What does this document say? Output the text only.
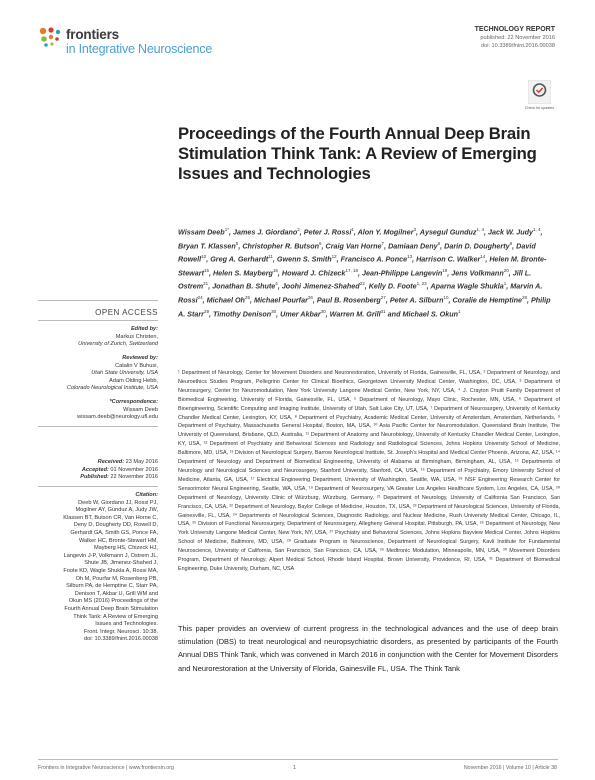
frontiers
in Integrative Neuroscience
TECHNOLOGY REPORT
published: 22 November 2016
doi: 10.3389/fnint.2016.00038
Check for updates
Proceedings of the Fourth Annual Deep Brain Stimulation Think Tank: A Review of Emerging Issues and Technologies
Wissam Deeb$^{1*}$, James J. Giordano$^2$, Peter J. Rossi$^1$, Alon Y. Mogilner$^3$, Aysegul Gunduz$^{1, 4}$, Jack W. Judy$^{1, 4}$, Bryan T. Klassen$^5$, Christopher R. Butson$^6$, Craig Van Horne$^7$, Damiaan Deny$^8$, Darin D. Dougherty$^9$, David Rowell$^{10}$, Greg A. Gerhardt$^{11}$, Gwenn S. Smith$^{12}$, Francisco A. Ponce$^{13}$, Harrison C. Walker$^{14}$, Helen M. Bronte-Stewart$^{15}$, Helen S. Mayberg$^{16}$, Howard J. Chizeck$^{17, 18}$, Jean-Philippe Langevin$^{19}$, Jens Volkmann$^{20}$, Jill L. Ostrem$^{21}$, Jonathan B. Shute$^4$, Joohi Jimenez-Shahed$^{22}$, Kelly D. Foote$^{1, 23}$, Aparna Wagle Shukla$^1$, Marvin A. Rossi$^{24}$, Michael Oh$^{25}$, Michael Pourfar$^{26}$, Paul B. Rosenberg$^{27}$, Peter A. Silburn$^{10}$, Coralie de Hemptine$^{28}$, Philip A. Starr$^{29}$, Timothy Denison$^{30}$, Umer Akbar$^{30}$, Warren M. Grill$^{31}$ and Michael S. Okun$^1$
¹ Department of Neurology, Center for Movement Disorders and Neurorestoration, University of Florida, Gainesville, FL, USA, ² Department of Neurology, and Neuroethics Studies Program, Pellegrino Center for Clinical Bioethics, Georgetown University Medical Center, Washington, DC, USA, ³ Department of Neurosurgery, Center for Neuromodulation, New York University Langone Medical Center, New York, NY, USA, ⁴ J. Crayton Pruitt Family Department of Biomedical Engineering, University of Florida, Gainesville, FL, USA, ⁵ Department of Neurology, Mayo Clinic, Rochester, MN, USA, ⁶ Department of Bioengineering, Scientific Computing and Imaging Institute, University of Utah, Salt Lake City, UT, USA, ⁷ Department of Neurosurgery, University of Kentucky Chandler Medical Center, Lexington, KY, USA, ⁸ Department of Psychiatry, Academic Medical Center, University of Amsterdam, Amsterdam, Netherlands, ⁹ Department of Psychiatry, Massachusetts General Hospital, Boston, MA, USA, ¹⁰ Asia Pacific Center for Neuromodulation, Queensland Brain Institute, The University of Queensland, Brisbane, QLD, Australia, ¹¹ Department of Anatomy and Neurobiology, University of Kentucky Chandler Medical Center, Lexington, KY, USA, ¹² Department of Psychiatry and Behavioral Sciences and Radiology and Radiological Sciences, Johns Hopkins University School of Medicine, Baltimore, MD, USA, ¹³ Division of Neurological Surgery, Barrow Neurological Institute, St. Joseph’s Hospital and Medical Center Phoenix, Arizona, AZ, USA, ¹⁴ Department of Neurology and Department of Biomedical Engineering, University of Alabama at Birmingham, Birmingham, AL, USA, ¹⁵ Departments of Neurology and Neurological Sciences and Neurosurgery, Stanford University, Stanford, CA, USA, ¹⁶ Department of Psychiatry, Emory University School of Medicine, Atlanta, GA, USA, ¹⁷ Electrical Engineering Department, University of Washington, Seattle, WA, USA, ¹⁸ NSF Engineering Research Center for Sensorimotor Neural Engineering, Seattle, WA, USA, ¹⁹ Department of Neurosurgery, VA Greater Los Angeles Healthcare System, Los Angeles, CA, USA, ²⁰ Department of Neurology, University Clinic of Würzburg, Würzburg, Germany, ²¹ Department of Neurology, University of California San Francisco, San Francisco, CA, USA, ²² Department of Neurology, Baylor College of Medicine, Houston, TX, USA, ²³ Department of Neurological Sciences, University of Florida, Gainesville, FL, USA, ²⁴ Departments of Neurological Sciences, Diagnostic Radiology, and Nuclear Medicine, Rush University Medical Center, Chicago, IL, USA, ²⁵ Division of Functional Neurosurgery, Department of Neurosurgery, Allegheny General Hospital, Pittsburgh, PA, USA, ²⁶ Department of Neurology, New York University Langone Medical Center, New York, NY, USA, ²⁷ Psychiatry and Behavioral Sciences, Johns Hopkins Bayview Medical Center, Johns Hopkins School of Medicine, Baltimore, MD, USA, ²⁸ Graduate Program in Neuroscience, Department of Neurological Surgery, Kavli Institute for Fundamental Neuroscience, University of California, San Francisco, San Francisco, CA, USA, ²⁹ Medtronic Modulation, Minneapolis, MN, USA, ³⁰ Movement Disorders Program, Department of Neurology, Alpert Medical School, Rhode Island Hospital, Brown University, Providence, RI, USA, ³¹ Department of Biomedical Engineering, Duke University, Durham, NC, USA
This paper provides an overview of current progress in the technological advances and the use of deep brain stimulation (DBS) to treat neurological and neuropsychiatric disorders, as presented by participants of the Fourth Annual DBS Think Tank, which was convened in March 2016 in conjunction with the Center for Movement Disorders and Neurorestoration at the University of Florida, Gainesville FL, USA. The Think Tank
OPEN ACCESS
Edited by:
Markus Christen,
University of Zurich, Switzerland
Reviewed by:
Catalin V Buhusi,
Utah State University, USA
Adam Olding Hebb,
Colorado Neurological Institute, USA
*Correspondence:
Wissam Deeb
wissam.deeb@neurology.ufl.edu
Received: 23 May 2016
Accepted: 01 November 2016
Published: 22 November 2016
Citation:
Deeb W, Giordano JJ, Rossi PJ,
Mogilner AY, Gunduz A, Judy JW,
Klassen BT, Butson CR, Van Horne C,
Deny D, Dougherty DD, Rowell D,
Gerhardt GA, Smith GS, Ponce FA,
Walker HC, Bronte-Stewart HM,
Mayberg HS, Chizeck HJ,
Langevin J-P, Volkmann J, Ostrem JL,
Shute JB, Jimenez-Shahed J,
Foote KD, Wagle Shukla A, Rossi MA,
Oh M, Pourfar M, Rosenberg PB,
Silburn PA, de Hemptine C, Starr PA,
Denison T, Akbar U, Grill WM and
Okun MS (2016) Proceedings of the
Fourth Annual Deep Brain Stimulation
Think Tank: A Review of Emerging
Issues and Technologies.
Front. Integr. Neurosci. 10:38.
doi: 10.3389/fnint.2016.00038
Frontiers in Integrative Neuroscience | www.frontiersin.org	1	November 2016 | Volume 10 | Article 38
